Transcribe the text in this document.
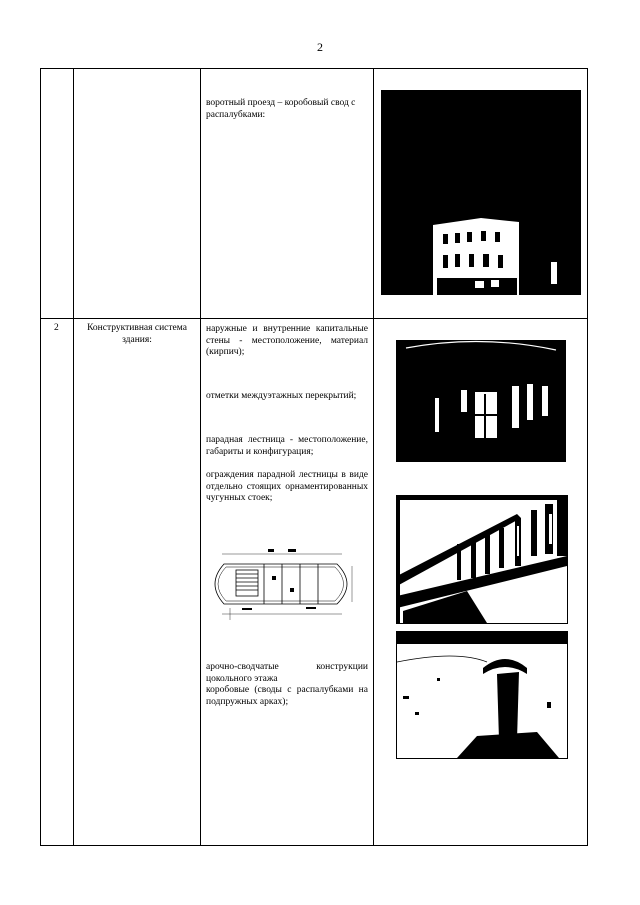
2
воротный проезд – коробовый свод с распалубками:
2	Конструктивная система здания:
наружные и внутренние капитальные стены - местоположение, материал (кирпич);
отметки междуэтажных перекрытий;
парадная лестница - местоположение, габариты и конфигурация;
ограждения парадной лестницы в виде отдельно стоящих орнаментированных чугунных стоек;
арочно-сводчатые конструкции цокольного этажа
коробовые (своды с распалубками на подпружных арках);
